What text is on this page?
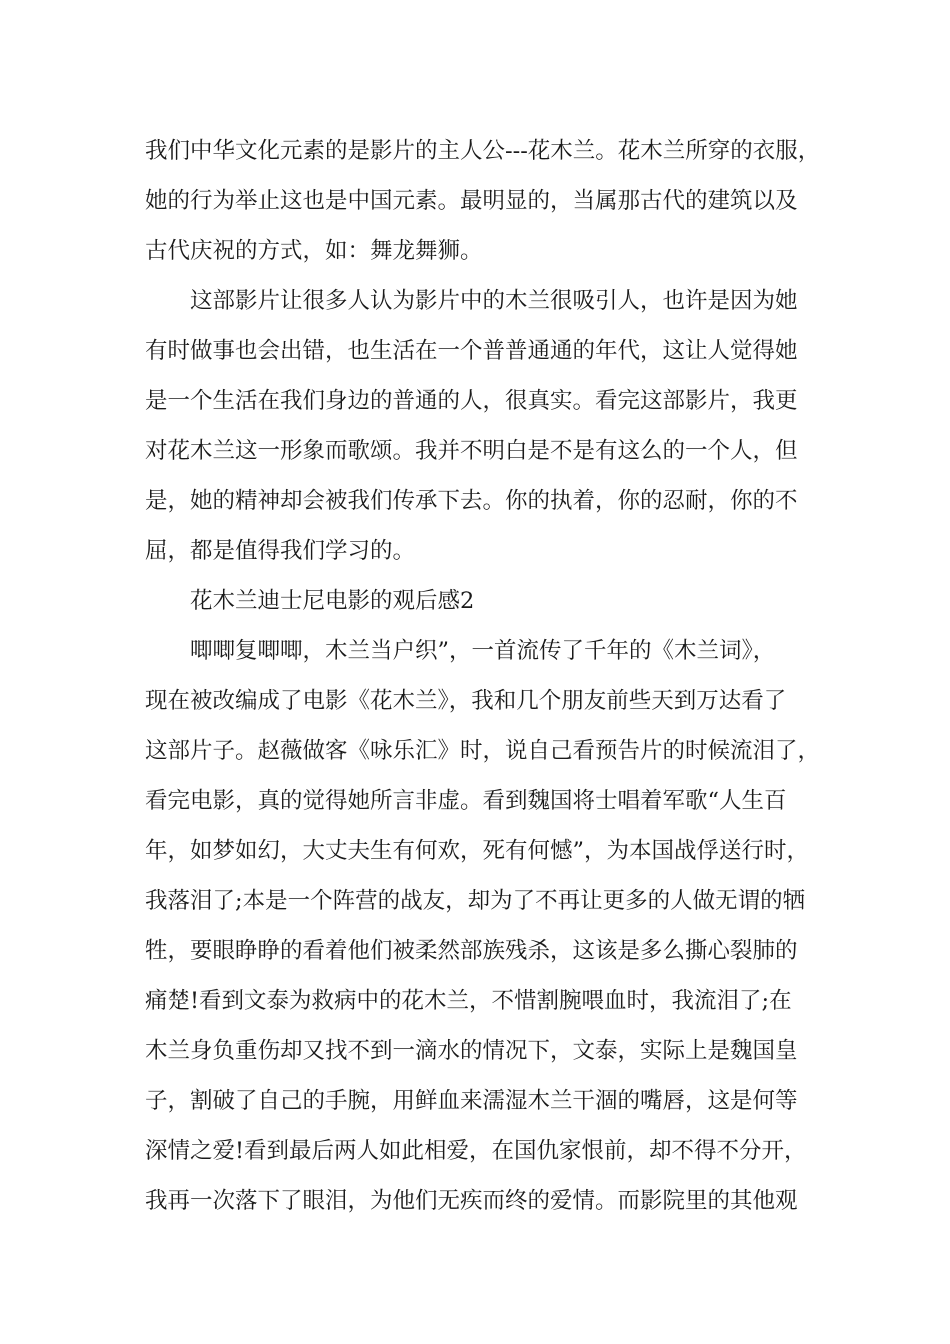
我们中华文化元素的是影片的主人公---花木兰。花木兰所穿的衣服，

她的行为举止这也是中国元素。最明显的，当属那古代的建筑以及

古代庆祝的方式，如：舞龙舞狮。

这部影片让很多人认为影片中的木兰很吸引人，也许是因为她

有时做事也会出错，也生活在一个普普通通的年代，这让人觉得她

是一个生活在我们身边的普通的人，很真实。看完这部影片，我更

对花木兰这一形象而歌颂。我并不明白是不是有这么的一个人，但

是，她的精神却会被我们传承下去。你的执着，你的忍耐，你的不

屈，都是值得我们学习的。

花木兰迪士尼电影的观后感2

唧唧复唧唧，木兰当户织”，一首流传了千年的《木兰词》，

现在被改编成了电影《花木兰》，我和几个朋友前些天到万达看了

这部片子。赵薇做客《咏乐汇》时，说自己看预告片的时候流泪了，

看完电影，真的觉得她所言非虚。看到魏国将士唱着军歌“人生百

年，如梦如幻，大丈夫生有何欢，死有何憾”，为本国战俘送行时，

我落泪了;本是一个阵营的战友，却为了不再让更多的人做无谓的牺

牲，要眼睁睁的看着他们被柔然部族残杀，这该是多么撕心裂肺的

痛楚!看到文泰为救病中的花木兰，不惜割腕喂血时，我流泪了;在

木兰身负重伤却又找不到一滴水的情况下，文泰，实际上是魏国皇

子，割破了自己的手腕，用鲜血来濡湿木兰干涸的嘴唇，这是何等

深情之爱!看到最后两人如此相爱，在国仇家恨前，却不得不分开，

我再一次落下了眼泪，为他们无疾而终的爱情。而影院里的其他观
